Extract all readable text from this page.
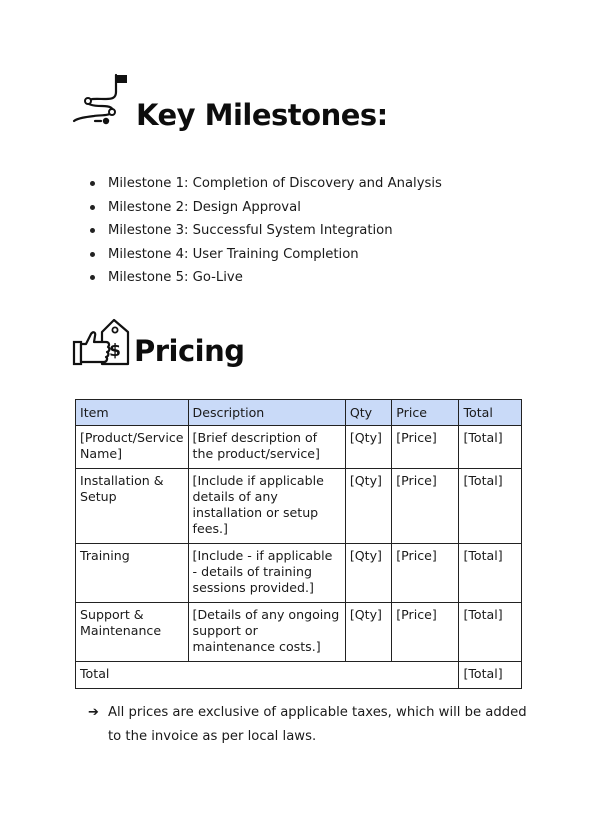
Key Milestones:
Milestone 1: Completion of Discovery and Analysis
Milestone 2: Design Approval
Milestone 3: Successful System Integration
Milestone 4: User Training Completion
Milestone 5: Go-Live
$ Pricing
Item	Description	Qty	Price	Total
[Product/Service Name]	[Brief description of the product/service]	[Qty]	[Price]	[Total]
Installation & Setup	[Include if applicable details of any installation or setup fees.]	[Qty]	[Price]	[Total]
Training	[Include - if applicable - details of training sessions provided.]	[Qty]	[Price]	[Total]
Support & Maintenance	[Details of any ongoing support or maintenance costs.]	[Qty]	[Price]	[Total]
Total				[Total]
➔ All prices are exclusive of applicable taxes, which will be added to the invoice as per local laws.
